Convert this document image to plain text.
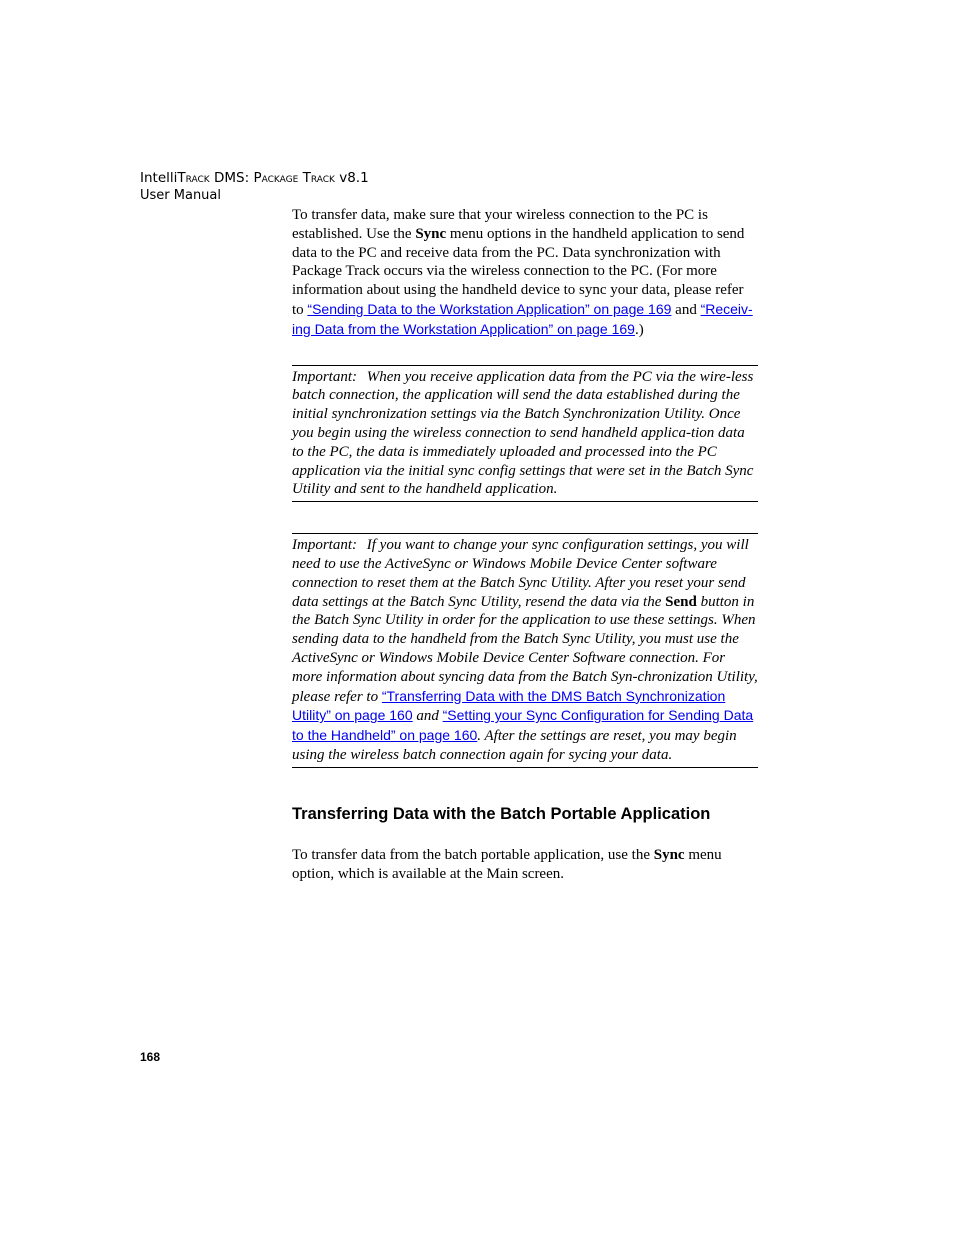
IntelliTrack DMS: Package Track v8.1
User Manual

To transfer data, make sure that your wireless connection to the PC is established. Use the Sync menu options in the handheld application to send data to the PC and receive data from the PC. Data synchronization with Package Track occurs via the wireless connection to the PC. (For more information about using the handheld device to sync your data, please refer to “Sending Data to the Workstation Application” on page 169 and “Receiv-ing Data from the Workstation Application” on page 169.)

Important: When you receive application data from the PC via the wire-less batch connection, the application will send the data established during the initial synchronization settings via the Batch Synchronization Utility. Once you begin using the wireless connection to send handheld applica-tion data to the PC, the data is immediately uploaded and processed into the PC application via the initial sync config settings that were set in the Batch Sync Utility and sent to the handheld application.
Important: If you want to change your sync configuration settings, you will need to use the ActiveSync or Windows Mobile Device Center software connection to reset them at the Batch Sync Utility. After you reset your send data settings at the Batch Sync Utility, resend the data via the Send button in the Batch Sync Utility in order for the application to use these settings. When sending data to the handheld from the Batch Sync Utility, you must use the ActiveSync or Windows Mobile Device Center Software connection. For more information about syncing data from the Batch Syn-chronization Utility, please refer to “Transferring Data with the DMS Batch Synchronization Utility” on page 160 and “Setting your Sync Configuration for Sending Data to the Handheld” on page 160. After the settings are reset, you may begin using the wireless batch connection again for sycing your data.
Transferring Data with the Batch Portable Application

To transfer data from the batch portable application, use the Sync menu option, which is available at the Main screen.

168
